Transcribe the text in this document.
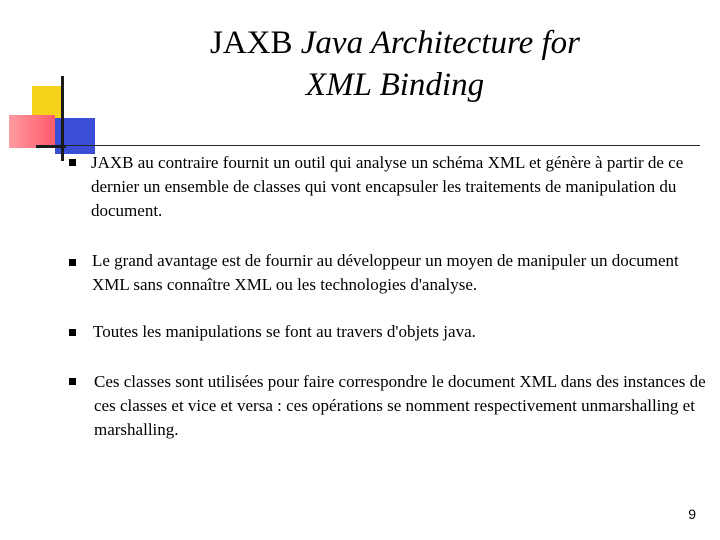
JAXB Java Architecture for
XML Binding
JAXB au contraire fournit un outil qui analyse un schéma XML et génère à partir de ce dernier un ensemble de classes qui vont encapsuler les traitements de manipulation du document.
Le grand avantage est de fournir au développeur un moyen de manipuler un document XML sans connaître XML ou les technologies d'analyse.
Toutes les manipulations se font au travers d'objets java.
Ces classes sont utilisées pour faire correspondre le document XML dans des instances de ces classes et vice et versa : ces opérations se nomment respectivement unmarshalling et marshalling.
9
